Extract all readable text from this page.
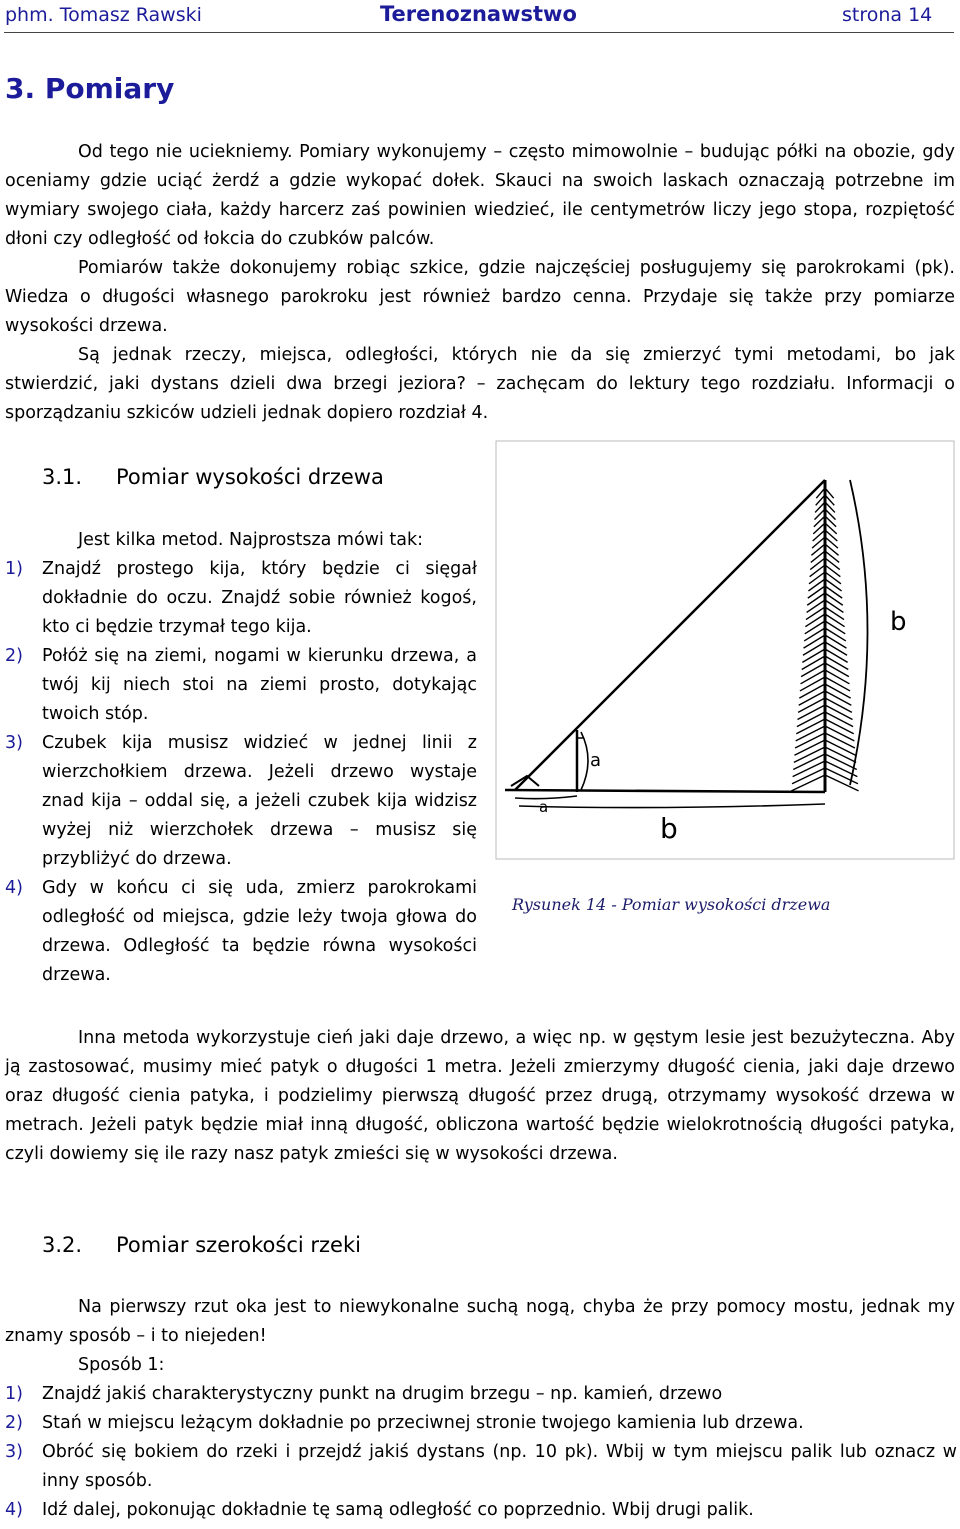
phm. Tomasz Rawski	Terenoznawstwo	strona 14
3. Pomiary

Od tego nie uciekniemy. Pomiary wykonujemy – często mimowolnie – budując półki na obozie, gdy oceniamy gdzie uciąć żerdź a gdzie wykopać dołek. Skauci na swoich laskach oznaczają potrzebne im wymiary swojego ciała, każdy harcerz zaś powinien wiedzieć, ile centymetrów liczy jego stopa, rozpiętość dłoni czy odległość od łokcia do czubków palców.

Pomiarów także dokonujemy robiąc szkice, gdzie najczęściej posługujemy się parokrokami (pk). Wiedza o długości własnego parokroku jest również bardzo cenna. Przydaje się także przy pomiarze wysokości drzewa.

Są jednak rzeczy, miejsca, odległości, których nie da się zmierzyć tymi metodami, bo jak stwierdzić, jaki dystans dzieli dwa brzegi jeziora? – zachęcam do lektury tego rozdziału. Informacji o sporządzaniu szkiców udzieli jednak dopiero rozdział 4.

3.1. Pomiar wysokości drzewa
Jest kilka metod. Najprostsza mówi tak:

1) Znajdź prostego kija, który będzie ci sięgał dokładnie do oczu. Znajdź sobie również kogoś, kto ci będzie trzymał tego kija.

2) Połóż się na ziemi, nogami w kierunku drzewa, a twój kij niech stoi na ziemi prosto, dotykając twoich stóp.

3) Czubek kija musisz widzieć w jednej linii z wierzchołkiem drzewa. Jeżeli drzewo wystaje znad kija – oddal się, a jeżeli czubek kija widzisz wyżej niż wierzchołek drzewa – musisz się przybliżyć do drzewa.

4) Gdy w końcu ci się uda, zmierz parokrokami odległość od miejsca, gdzie leży twoja głowa do drzewa. Odległość ta będzie równa wysokości drzewa.

b
a
a
b
Rysunek 14 - Pomiar wysokości drzewa

Inna metoda wykorzystuje cień jaki daje drzewo, a więc np. w gęstym lesie jest bezużyteczna. Aby ją zastosować, musimy mieć patyk o długości 1 metra. Jeżeli zmierzymy długość cienia, jaki daje drzewo oraz długość cienia patyka, i podzielimy pierwszą długość przez drugą, otrzymamy wysokość drzewa w metrach. Jeżeli patyk będzie miał inną długość, obliczona wartość będzie wielokrotnością długości patyka, czyli dowiemy się ile razy nasz patyk zmieści się w wysokości drzewa.

3.2. Pomiar szerokości rzeki

Na pierwszy rzut oka jest to niewykonalne suchą nogą, chyba że przy pomocy mostu, jednak my znamy sposób – i to niejeden!

Sposób 1:

1) Znajdź jakiś charakterystyczny punkt na drugim brzegu – np. kamień, drzewo

2) Stań w miejscu leżącym dokładnie po przeciwnej stronie twojego kamienia lub drzewa.

3) Obróć się bokiem do rzeki i przejdź jakiś dystans (np. 10 pk). Wbij w tym miejscu palik lub oznacz w inny sposób.

4) Idź dalej, pokonując dokładnie tę samą odległość co poprzednio. Wbij drugi palik.
